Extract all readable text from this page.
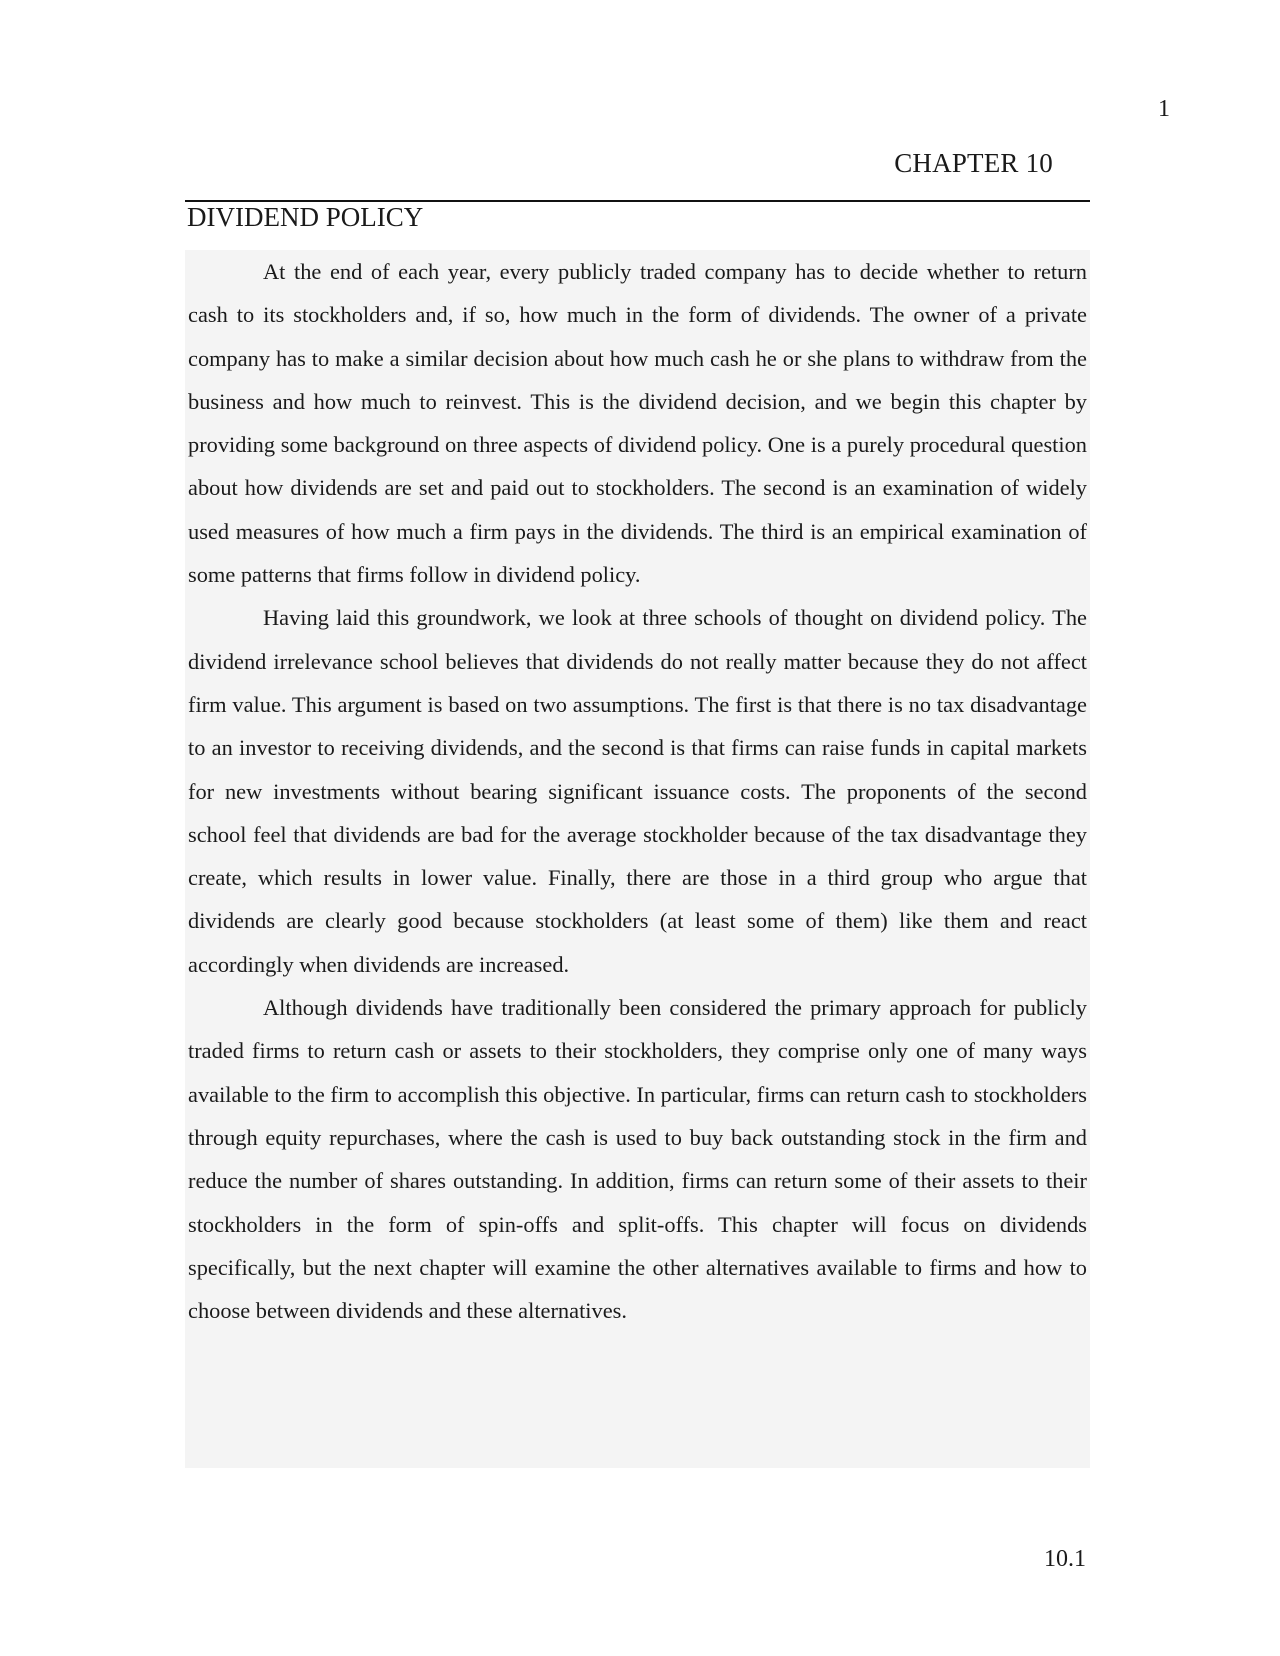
1
CHAPTER 10
DIVIDEND POLICY

At the end of each year, every publicly traded company has to decide whether to return cash to its stockholders and, if so, how much in the form of dividends. The owner of a private company has to make a similar decision about how much cash he or she plans to withdraw from the business and how much to reinvest. This is the dividend decision, and we begin this chapter by providing some background on three aspects of dividend policy. One is a purely procedural question about how dividends are set and paid out to stockholders. The second is an examination of widely used measures of how much a firm pays in the dividends. The third is an empirical examination of some patterns that firms follow in dividend policy.

Having laid this groundwork, we look at three schools of thought on dividend policy. The dividend irrelevance school believes that dividends do not really matter because they do not affect firm value. This argument is based on two assumptions. The first is that there is no tax disadvantage to an investor to receiving dividends, and the second is that firms can raise funds in capital markets for new investments without bearing significant issuance costs. The proponents of the second school feel that dividends are bad for the average stockholder because of the tax disadvantage they create, which results in lower value. Finally, there are those in a third group who argue that dividends are clearly good because stockholders (at least some of them) like them and react accordingly when dividends are increased.

Although dividends have traditionally been considered the primary approach for publicly traded firms to return cash or assets to their stockholders, they comprise only one of many ways available to the firm to accomplish this objective. In particular, firms can return cash to stockholders through equity repurchases, where the cash is used to buy back outstanding stock in the firm and reduce the number of shares outstanding. In addition, firms can return some of their assets to their stockholders in the form of spin-offs and split-offs. This chapter will focus on dividends specifically, but the next chapter will examine the other alternatives available to firms and how to choose between dividends and these alternatives.

10.1
